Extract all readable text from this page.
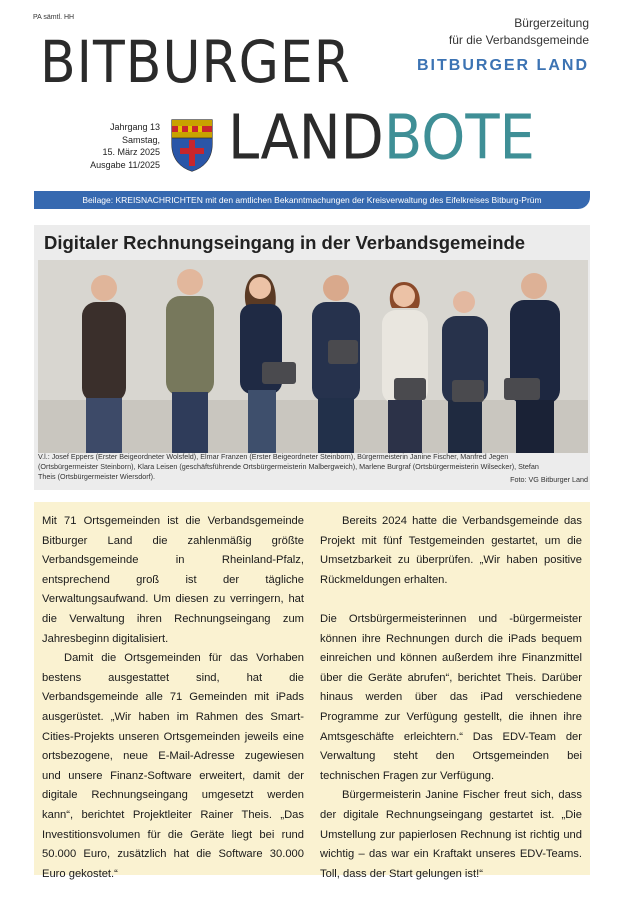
PA sämtl. HH
BITBURGER
LANDBOTE
Bürgerzeitung
für die Verbandsgemeinde
BITBURGER LAND
Jahrgang 13
Samstag,
15. März 2025
Ausgabe 11/2025
Beilage: KREISNACHRICHTEN mit den amtlichen Bekanntmachungen der Kreisverwaltung des Eifelkreises Bitburg-Prüm
Digitaler Rechnungseingang in der Verbandsgemeinde
V.l.: Josef Eppers (Erster Beigeordneter Wolsfeld), Elmar Franzen (Erster Beigeordneter Steinborn), Bürgermeisterin Janine Fischer, Manfred Jegen
(Ortsbürgermeister Steinborn), Klara Leisen (geschäftsführende Ortsbürgermeisterin Malbergweich), Marlene Burgraf (Ortsbürgermeisterin Wilsecker), Stefan
Theis (Ortsbürgermeister Wiersdorf).	Foto: VG Bitburger Land

Mit 71 Ortsgemeinden ist die Verbandsgemeinde Bitburger Land die zahlenmäßig größte Verbandsgemeinde in Rheinland-Pfalz, entsprechend groß ist der tägliche Verwaltungsaufwand. Um diesen zu verringern, hat die Verwaltung ihren Rechnungseingang zum Jahresbeginn digitalisiert.

Damit die Ortsgemeinden für das Vorhaben bestens ausgestattet sind, hat die Verbandsgemeinde alle 71 Gemeinden mit iPads ausgerüstet. „Wir haben im Rahmen des Smart-Cities-Projekts unseren Ortsgemeinden jeweils eine ortsbezogene, neue E-Mail-Adresse zugewiesen und unsere Finanz-Software erweitert, damit der digitale Rechnungseingang umgesetzt werden kann“, berichtet Projektleiter Rainer Theis. „Das Investitionsvolumen für die Geräte liegt bei rund 50.000 Euro, zusätzlich hat die Software 30.000 Euro gekostet.“

Bereits 2024 hatte die Verbandsgemeinde das Projekt mit fünf Testgemeinden gestartet, um die Umsetzbarkeit zu überprüfen. „Wir haben positive Rückmeldungen erhalten.

Die Ortsbürgermeisterinnen und -bürgermeister können ihre Rechnungen durch die iPads bequem einreichen und können außerdem ihre Finanzmittel über die Geräte abrufen“, berichtet Theis. Darüber hinaus werden über das iPad verschiedene Programme zur Verfügung gestellt, die ihnen ihre Amtsgeschäfte erleichtern.“ Das EDV-Team der Verwaltung steht den Ortsgemeinden bei technischen Fragen zur Verfügung.

Bürgermeisterin Janine Fischer freut sich, dass der digitale Rechnungseingang gestartet ist. „Die Umstellung zur papierlosen Rechnung ist richtig und wichtig – das war ein Kraftakt unseres EDV-Teams. Toll, dass der Start gelungen ist!“
